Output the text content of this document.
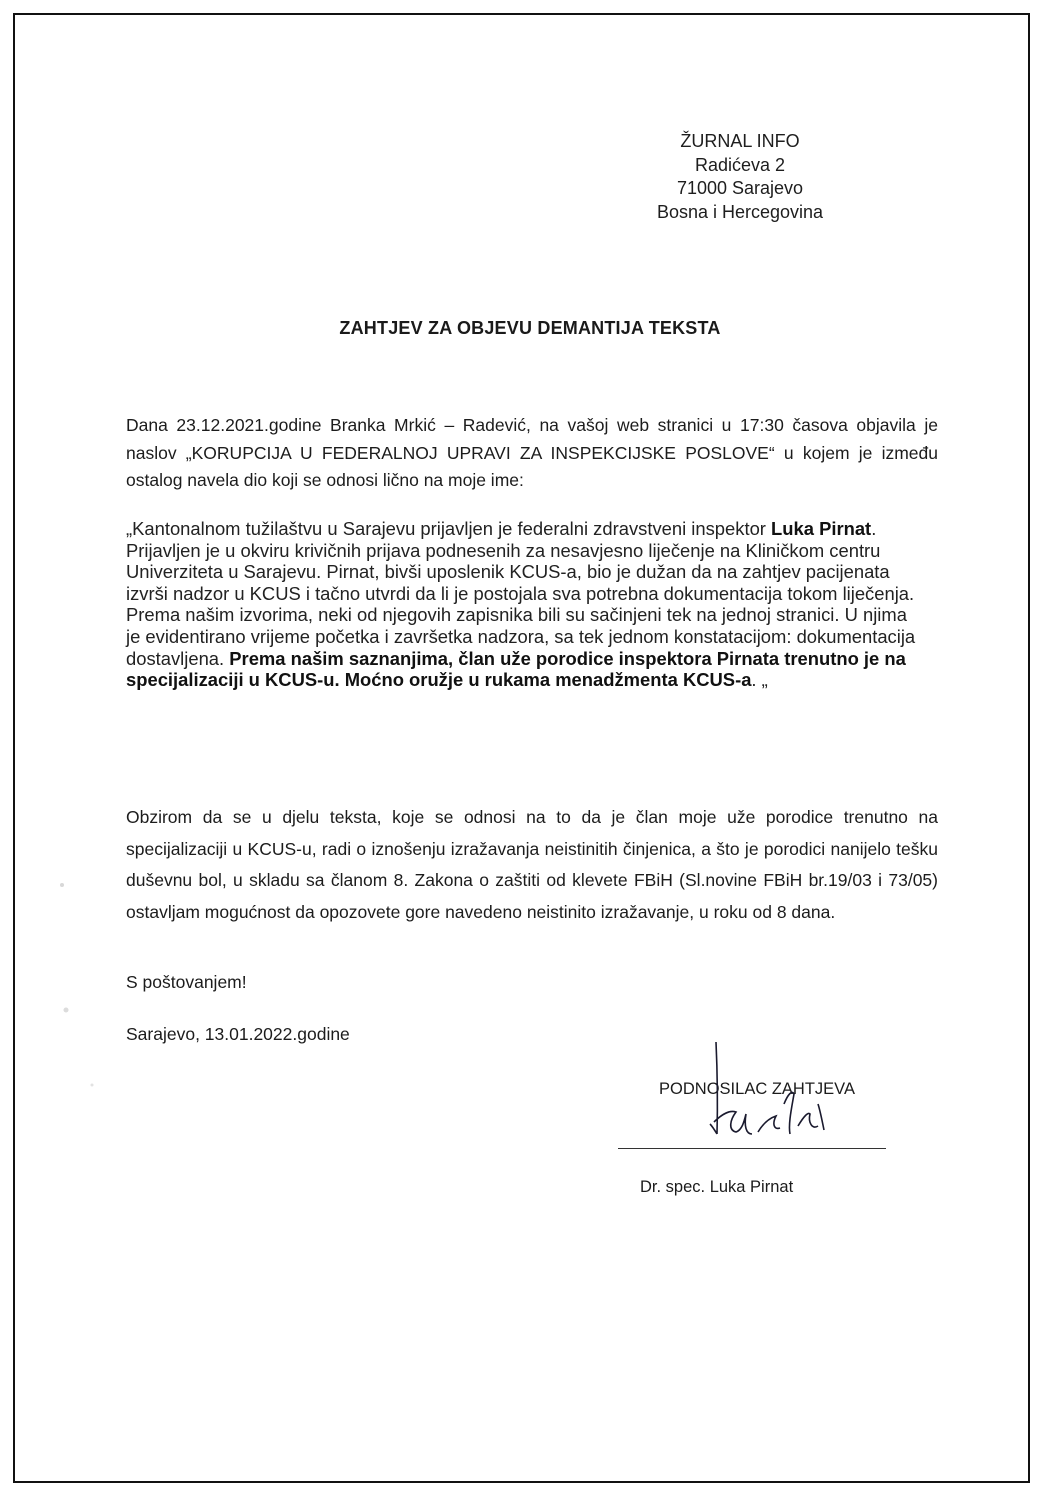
ŽURNAL INFO
Radićeva 2
71000 Sarajevo
Bosna i Hercegovina
ZAHTJEV ZA OBJEVU DEMANTIJA TEKSTA
Dana 23.12.2021.godine Branka Mrkić – Radević, na vašoj web stranici u 17:30 časova objavila je naslov „KORUPCIJA U FEDERALNOJ UPRAVI ZA INSPEKCIJSKE POSLOVE“ u kojem je između ostalog navela dio koji se odnosi lično na moje ime:
„Kantonalnom tužilaštvu u Sarajevu prijavljen je federalni zdravstveni inspektor Luka Pirnat. Prijavljen je u okviru krivičnih prijava podnesenih za nesavjesno liječenje na Kliničkom centru Univerziteta u Sarajevu. Pirnat, bivši uposlenik KCUS-a, bio je dužan da na zahtjev pacijenata izvrši nadzor u KCUS i tačno utvrdi da li je postojala sva potrebna dokumentacija tokom liječenja.
Prema našim izvorima, neki od njegovih zapisnika bili su sačinjeni tek na jednoj stranici. U njima je evidentirano vrijeme početka i završetka nadzora, sa tek jednom konstatacijom: dokumentacija dostavljena. Prema našim saznanjima, član uže porodice inspektora Pirnata trenutno je na specijalizaciji u KCUS-u. Moćno oružje u rukama menadžmenta KCUS-a. „
Obzirom da se u djelu teksta, koje se odnosi na to da je član moje uže porodice trenutno na specijalizaciji u KCUS-u, radi o iznošenju izražavanja neistinitih činjenica, a što je porodici nanijelo tešku duševnu bol, u skladu sa članom 8. Zakona o zaštiti od klevete FBiH (Sl.novine FBiH br.19/03 i 73/05) ostavljam mogućnost da opozovete gore navedeno neistinito izražavanje, u roku od 8 dana.
S poštovanjem!
Sarajevo, 13.01.2022.godine
PODNOSILAC ZAHTJEVA
Dr. spec. Luka Pirnat
